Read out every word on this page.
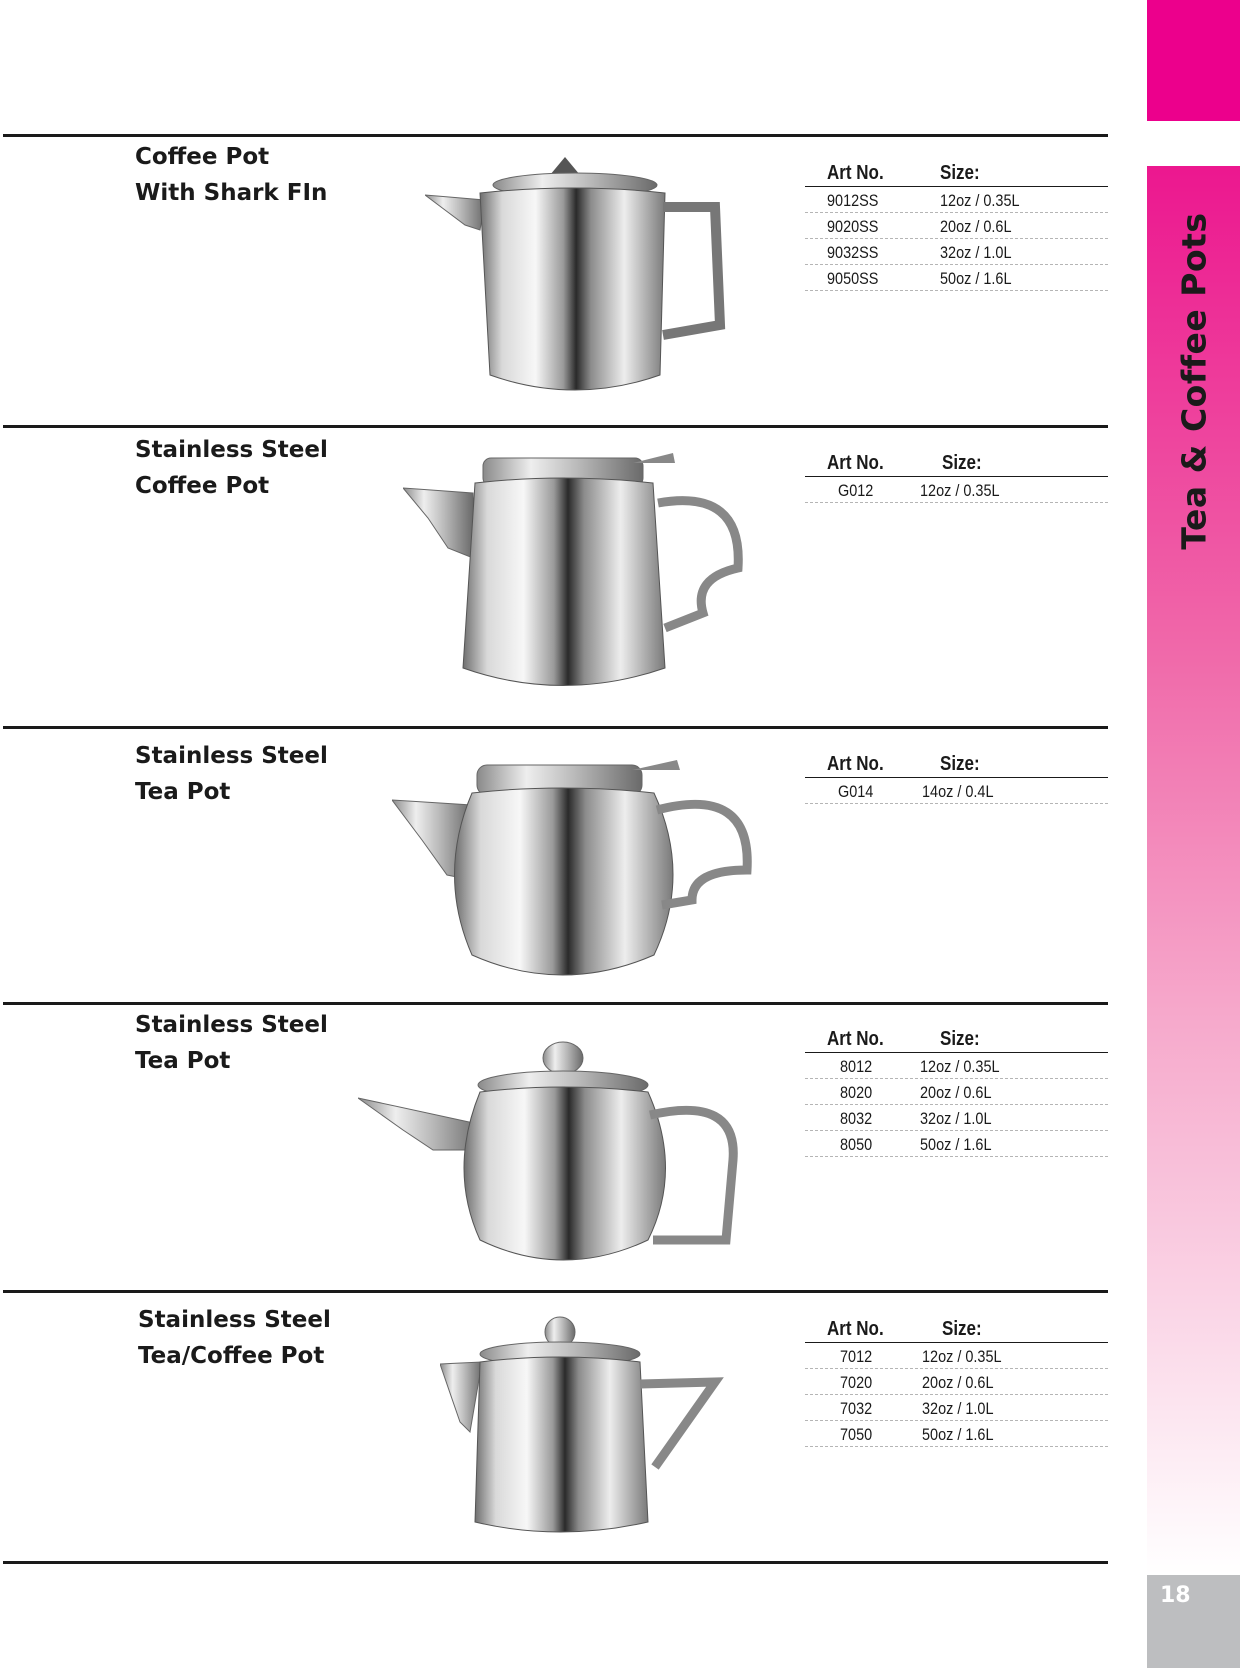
Tea & Coffee Pots
18
Coffee Pot
With Shark FIn
Art No.	Size:
9012SS	12oz / 0.35L
9020SS	20oz / 0.6L
9032SS	32oz / 1.0L
9050SS	50oz / 1.6L
Stainless Steel
Coffee Pot
Art No.	Size:
G012	12oz / 0.35L
Stainless Steel
Tea Pot
Art No.	Size:
G014	14oz / 0.4L
Stainless Steel
Tea Pot
Art No.	Size:
8012	12oz / 0.35L
8020	20oz / 0.6L
8032	32oz / 1.0L
8050	50oz / 1.6L
Stainless Steel
Tea/Coffee Pot
Art No.	Size:
7012	12oz / 0.35L
7020	20oz / 0.6L
7032	32oz / 1.0L
7050	50oz / 1.6L
